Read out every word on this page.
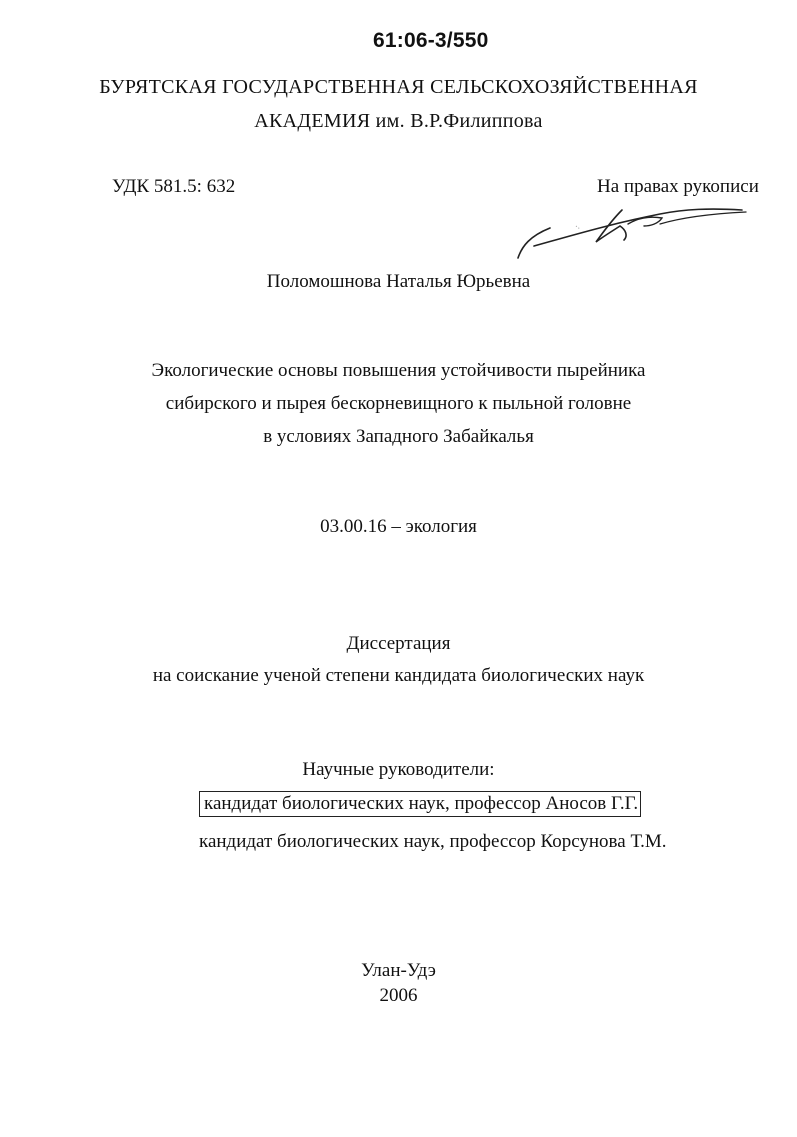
61:06-3/550
БУРЯТСКАЯ ГОСУДАРСТВЕННАЯ СЕЛЬСКОХОЗЯЙСТВЕННАЯ
АКАДЕМИЯ им. В.Р.Филиппова
УДК 581.5: 632	На правах рукописи
Поломошнова Наталья Юрьевна
Экологические основы повышения устойчивости пырейника
сибирского и пырея бескорневищного к пыльной головне
в условиях Западного Забайкалья
03.00.16 – экология
Диссертация
на соискание ученой степени кандидата биологических наук
Научные руководители:
кандидат биологических наук, профессор Аносов Г.Г.
кандидат биологических наук, профессор Корсунова Т.М.
Улан-Удэ
2006
